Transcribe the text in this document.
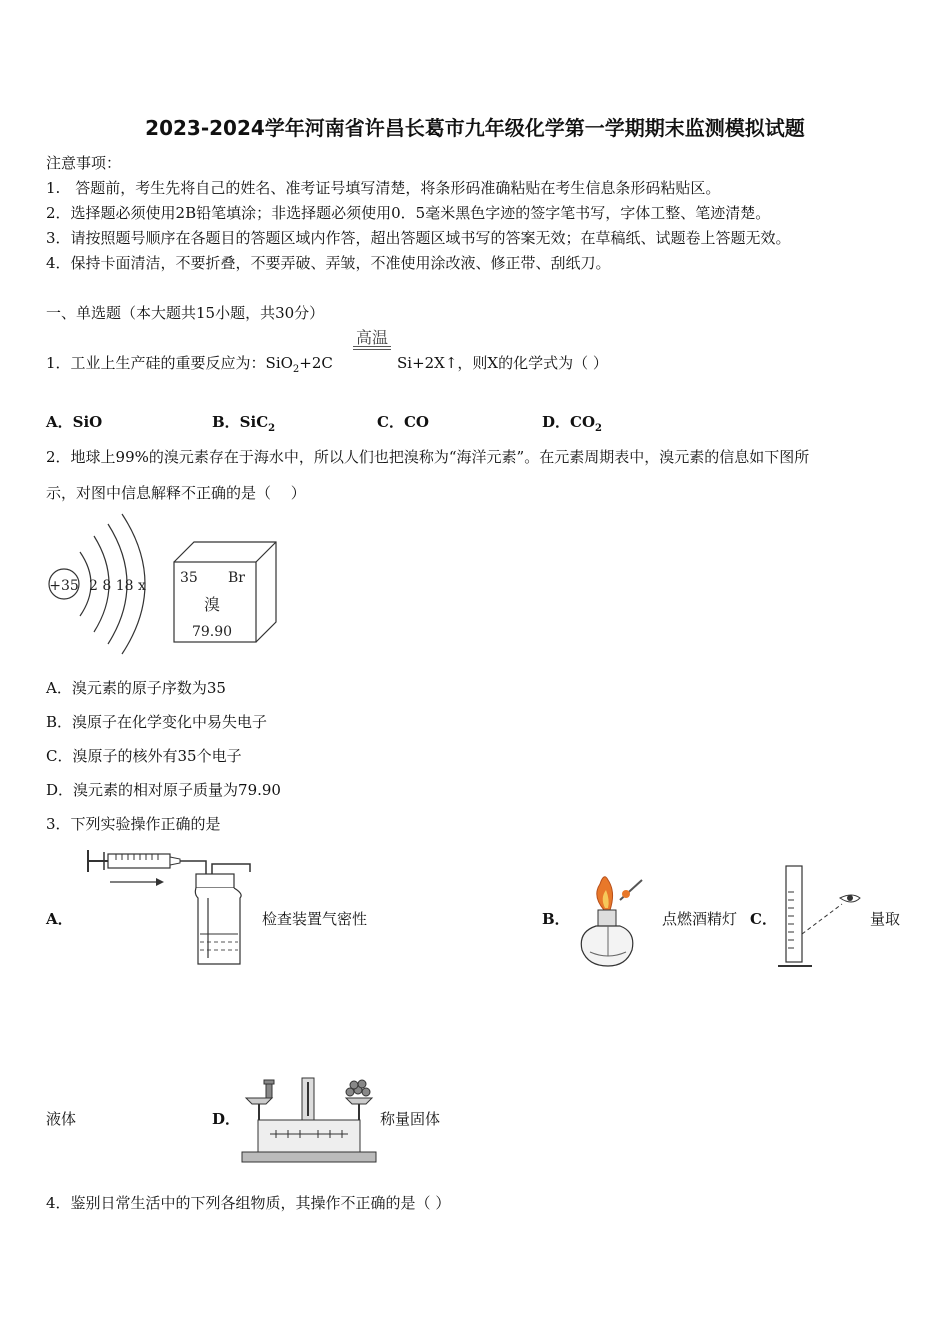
2023-2024学年河南省许昌长葛市九年级化学第一学期期末监测模拟试题
注意事项：
1.　答题前，考生先将自己的姓名、准考证号填写清楚，将条形码准确粘贴在考生信息条形码粘贴区。
2．选择题必须使用2B铅笔填涂；非选择题必须使用0．5毫米黑色字迹的签字笔书写，字体工整、笔迹清楚。
3．请按照题号顺序在各题目的答题区域内作答，超出答题区域书写的答案无效；在草稿纸、试题卷上答题无效。
4．保持卡面清洁，不要折叠，不要弄破、弄皱，不准使用涂改液、修正带、刮纸刀。
一、单选题（本大题共15小题，共30分）
1．工业上生产硅的重要反应为：SiO$_2$+2C
高温
Si+2X↑，则X的化学式为（ ）
A．SiO	B．SiC$_2$	C．CO	D．$CO_2$
2．地球上99%的溴元素存在于海水中，所以人们也把溴称为“海洋元素”。在元素周期表中，溴元素的信息如下图所
示，对图中信息解释不正确的是（　 ）
+35 2 8 18 x 35 Br
溴
79.90
A．溴元素的原子序数为35
B．溴原子在化学变化中易失电子
C．溴原子的核外有35个电子
D．溴元素的相对原子质量为79.90
3．下列实验操作正确的是
A．	检查装置气密性	B．	点燃酒精灯 C．	量取
液体	D．	称量固体
4．鉴别日常生活中的下列各组物质，其操作不正确的是（ ）
